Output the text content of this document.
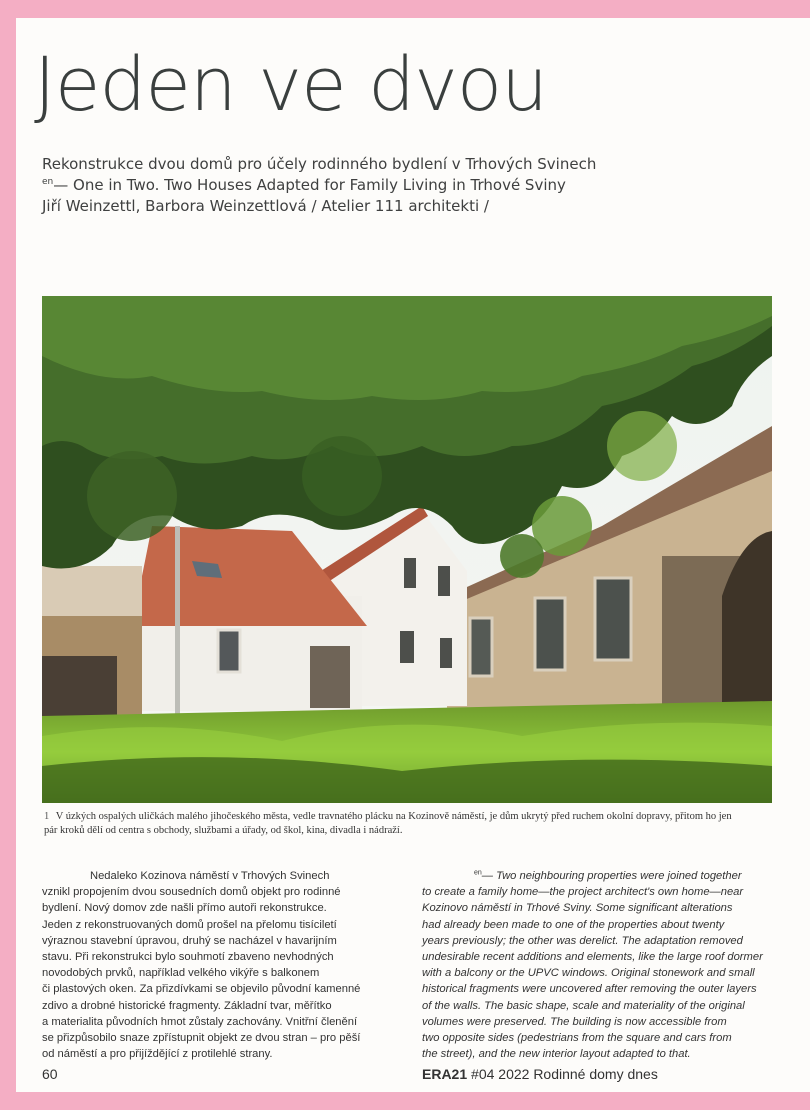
Jeden ve dvou
Rekonstrukce dvou domů pro účely rodinného bydlení v Trhových Svinech
$^{en}$— One in Two. Two Houses Adapted for Family Living in Trhové Sviny
Jiří Weinzettl, Barbora Weinzettlová / Atelier 111 architekti /
1 V úzkých ospalých uličkách malého jihočeského města, vedle travnatého plácku na Kozinově náměstí, je dům ukrytý před ruchem okolní dopravy, přitom ho jen
pár kroků dělí od centra s obchody, službami a úřady, od škol, kina, divadla i nádraží.
Nedaleko Kozinova náměstí v Trhových Svinech
vznikl propojením dvou sousedních domů objekt pro rodinné
bydlení. Nový domov zde našli přímo autoři rekonstrukce.
Jeden z rekonstruovaných domů prošel na přelomu tisíciletí
výraznou stavební úpravou, druhý se nacházel v havarijním
stavu. Při rekonstrukci bylo souhmotí zbaveno nevhodných
novodobých prvků, například velkého vikýře s balkonem
či plastových oken. Za přizdívkami se objevilo původní kamenné
zdivo a drobné historické fragmenty. Základní tvar, měřítko
a materialita původních hmot zůstaly zachovány. Vnitřní členění
se přizpůsobilo snaze zpřístupnit objekt ze dvou stran – pro pěší
od náměstí a pro přijíždějící z protilehlé strany.
$^{en}$— Two neighbouring properties were joined together
to create a family home—the project architect's own home—near
Kozinovo náměstí in Trhové Sviny. Some significant alterations
had already been made to one of the properties about twenty
years previously; the other was derelict. The adaptation removed
undesirable recent additions and elements, like the large roof dormer
with a balcony or the UPVC windows. Original stonework and small
historical fragments were uncovered after removing the outer layers
of the walls. The basic shape, scale and materiality of the original
volumes were preserved. The building is now accessible from
two opposite sides (pedestrians from the square and cars from
the street), and the new interior layout adapted to that.
60	ERA21 #04 2022 Rodinné domy dnes
